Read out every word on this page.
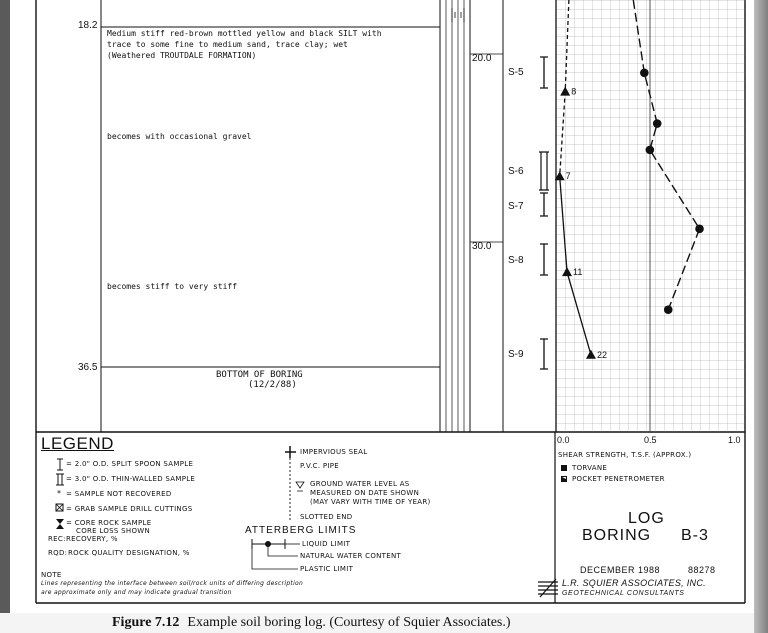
*
8
7
11
22
18.2
36.5
Medium stiff red-brown mottled yellow and black SILT with
trace to some fine to medium sand, trace clay; wet
(Weathered TROUTDALE FORMATION)
becomes with occasional gravel
becomes stiff to very stiff
BOTTOM OF BORING
(12/2/88)
20.0
30.0
S-5
S-6
S-7
S-8
S-9
0.0	0.5	1.0
SHEAR STRENGTH, T.S.F. (APPROX.)
TORVANE
POCKET PENETROMETER
LEGEND
= 2.0" O.D. SPLIT SPOON SAMPLE
= 3.0" O.D. THIN-WALLED SAMPLE
= SAMPLE NOT RECOVERED
= GRAB SAMPLE DRILL CUTTINGS
= CORE ROCK SAMPLE
CORE LOSS SHOWN
REC: RECOVERY, %
RQD: ROCK QUALITY DESIGNATION, %
IMPERVIOUS SEAL
P.V.C. PIPE
GROUND WATER LEVEL AS
MEASURED ON DATE SHOWN
(MAY VARY WITH TIME OF YEAR)
SLOTTED END
ATTERBERG LIMITS
LIQUID LIMIT
NATURAL WATER CONTENT
PLASTIC LIMIT
NOTE
Lines representing the interface between soil/rock units of differing description
are approximate only and may indicate gradual transition
LOG
BORING B-3
DECEMBER 1988	88278
L.R. SQUIER ASSOCIATES, INC.
GEOTECHNICAL CONSULTANTS
Figure 7.12 Example soil boring log. (Courtesy of Squier Associates.)
